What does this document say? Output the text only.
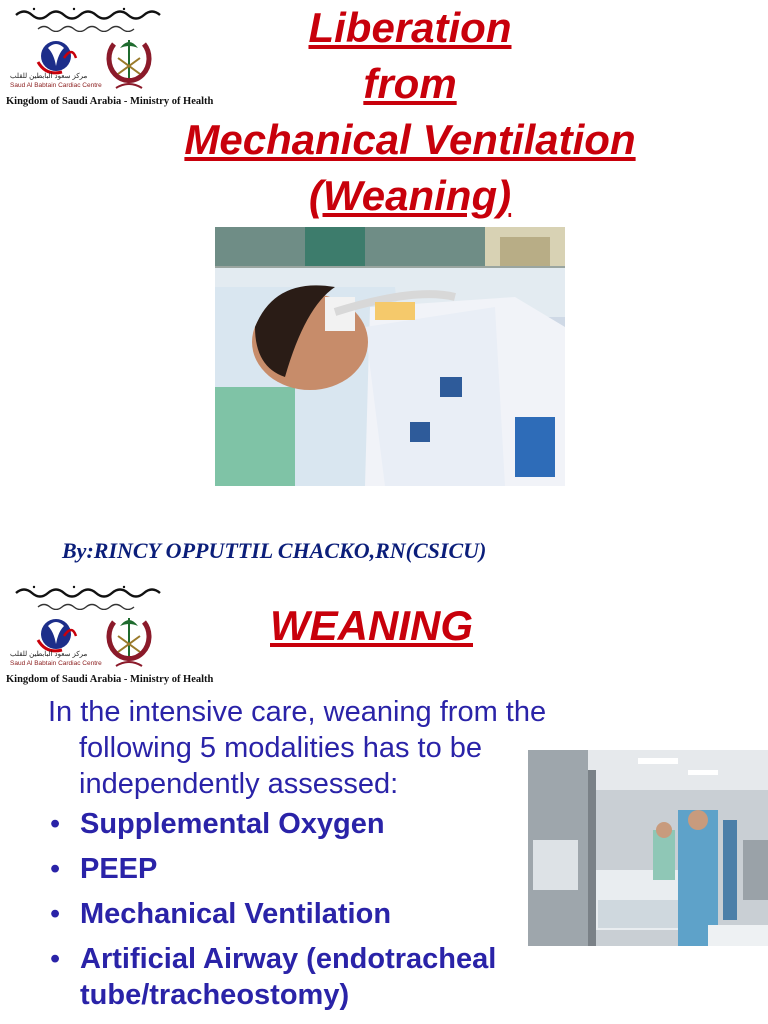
مركز سعود البابطين للقلب
Saud Al Babtain Cardiac Centre
Kingdom of Saudi Arabia - Ministry of Health
Liberation
from
Mechanical Ventilation
(Weaning)
By:RINCY OPPUTTIL CHACKO,RN(CSICU)
مركز سعود البابطين للقلب
Saud Al Babtain Cardiac Centre
Kingdom of Saudi Arabia - Ministry of Health
WEANING
In the intensive care, weaning from the
following 5 modalities has to be
independently assessed:
• Supplemental Oxygen
• PEEP
• Mechanical Ventilation
• Artificial Airway (endotracheal tube/tracheostomy)
